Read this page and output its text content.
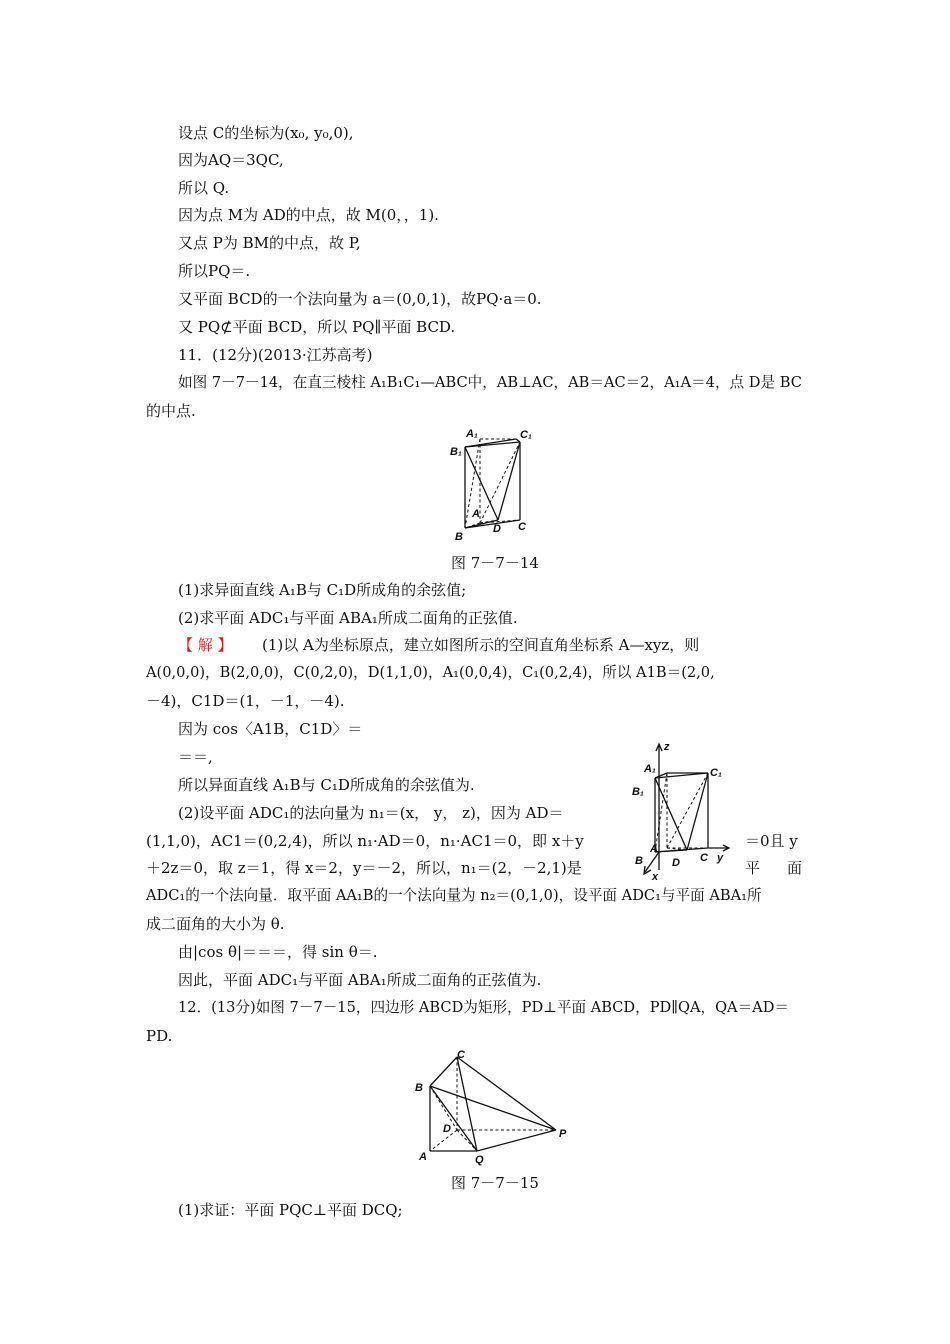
设点 C的坐标为(x₀, y₀,0),
因为AQ＝3QC,
所以 Q.
因为点 M为 AD的中点，故 M(0，，1).
又点 P为 BM的中点，故 P,
所以PQ＝.
又平面 BCD的一个法向量为 a＝(0,0,1)，故PQ·a＝0.
又 PQ⊄平面 BCD，所以 PQ∥平面 BCD.
11．(12分)(2013·江苏高考)
如图 7－7－14，在直三棱柱 A₁B₁C₁—ABC中，AB⊥AC，AB＝AC＝2，A₁A＝4，点 D是 BC
的中点.
A₁
B₁
C₁
A
B
D C
图 7－7－14
(1)求异面直线 A₁B与 C₁D所成角的余弦值;
(2)求平面 ADC₁与平面 ABA₁所成二面角的正弦值.
【 解 】 (1)以 A为坐标原点，建立如图所示的空间直角坐标系 A—xyz，则
A(0,0,0)，B(2,0,0)，C(0,2,0)，D(1,1,0)，A₁(0,0,4)，C₁(0,2,4)，所以 A1B＝(2,0,
－4)，C1D＝(1，－1，－4).
因为 cos〈A1B，C1D〉＝
＝＝,
所以异面直线 A₁B与 C₁D所成角的余弦值为.
(2)设平面 ADC₁的法向量为 n₁＝(x， y， z)，因为 AD＝
(1,1,0)，AC1＝(0,2,4)，所以 n₁·AD＝0，n₁·AC1＝0，即 x＋y	＝0且 y
＋2z＝0，取 z＝1，得 x＝2，y＝－2，所以，n₁＝(2，－2,1)是	平　面
ADC₁的一个法向量．取平面 AA₁B的一个法向量为 n₂＝(0,1,0)，设平面 ADC₁与平面 ABA₁所
成二面角的大小为 θ.
由|cos θ|＝＝＝，得 sin θ＝.
因此，平面 ADC₁与平面 ABA₁所成二面角的正弦值为.
z
A₁
B₁
C₁
A
D C y
x
B
12．(13分)如图 7－7－15，四边形 ABCD为矩形，PD⊥平面 ABCD，PD∥QA，QA＝AD＝
PD.
C
B
D
A	Q
P
图 7－7－15
(1)求证：平面 PQC⊥平面 DCQ;
